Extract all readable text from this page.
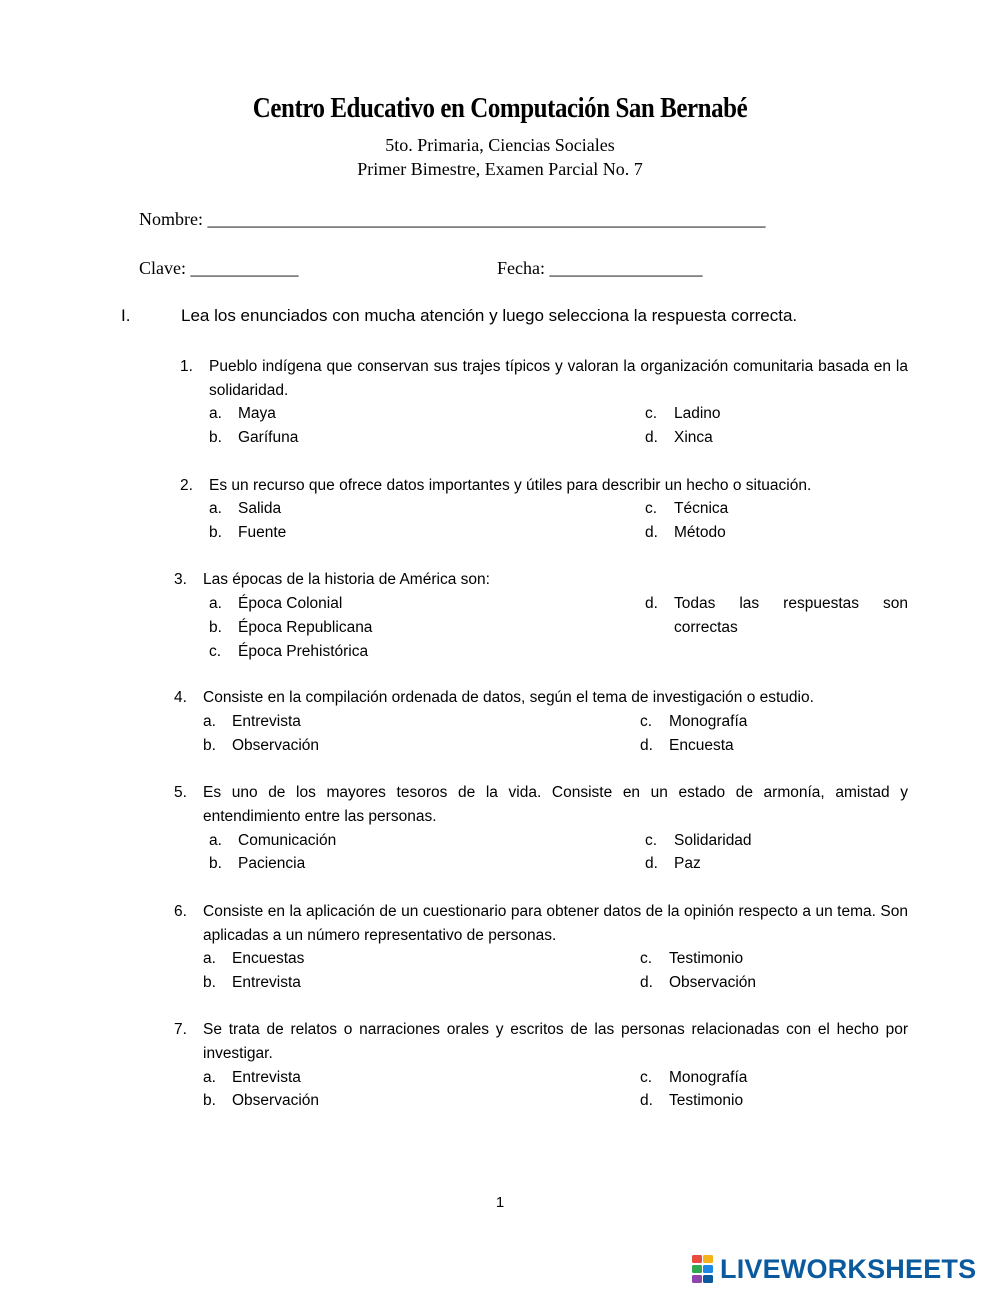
Centro Educativo en Computación San Bernabé
5to. Primaria, Ciencias Sociales
Primer Bimestre, Examen Parcial No. 7
Nombre: ______________________________________________________________
Clave: ____________	Fecha: _________________
I.	Lea los enunciados con mucha atención y luego selecciona la respuesta correcta.
1. Pueblo indígena que conservan sus trajes típicos y valoran la organización comunitaria basada en la solidaridad.
a. Maya
b. Garífuna
c. Ladino
d. Xinca
2. Es un recurso que ofrece datos importantes y útiles para describir un hecho o situación.
a. Salida
b. Fuente
c. Técnica
d. Método
3. Las épocas de la historia de América son:
a. Época Colonial
b. Época Republicana
c. Época Prehistórica
d.	Todas las respuestas son correctas
4. Consiste en la compilación ordenada de datos, según el tema de investigación o estudio.
a. Entrevista
b. Observación
c. Monografía
d. Encuesta
5. Es uno de los mayores tesoros de la vida. Consiste en un estado de armonía, amistad y entendimiento entre las personas.
a. Comunicación
b. Paciencia
c. Solidaridad
d. Paz
6. Consiste en la aplicación de un cuestionario para obtener datos de la opinión respecto a un tema. Son aplicadas a un número representativo de personas.
a. Encuestas
b. Entrevista
c. Testimonio
d. Observación
7. Se trata de relatos o narraciones orales y escritos de las personas relacionadas con el hecho por investigar.
a. Entrevista
b. Observación
c. Monografía
d. Testimonio
1
LIVEWORKSHEETS
